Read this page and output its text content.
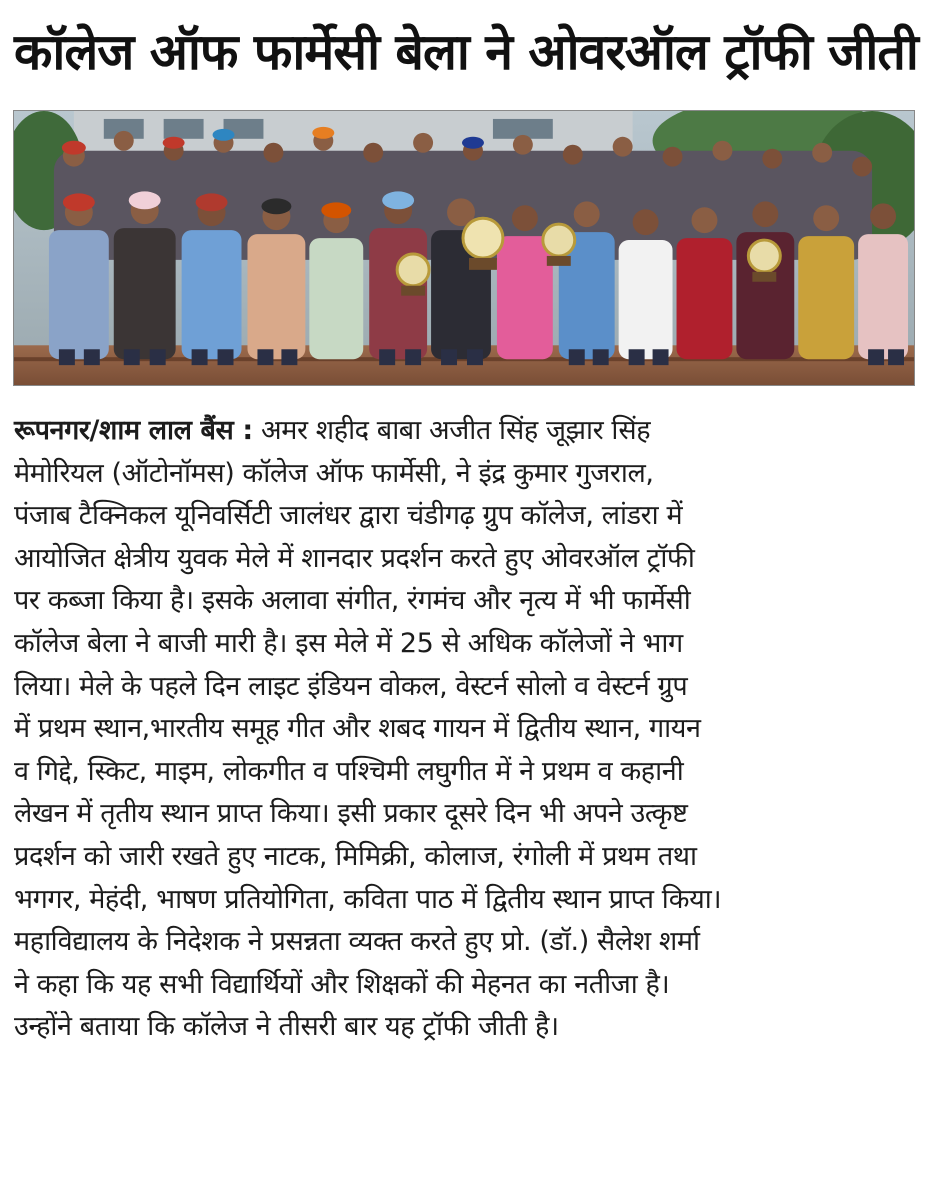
कॉलेज ऑफ फार्मेसी बेला ने ओवरऑल ट्रॉफी जीती
रूपनगर/शाम लाल बैंस : अमर शहीद बाबा अजीत सिंह जूझार सिंह
मेमोरियल (ऑटोनॉमस) कॉलेज ऑफ फार्मेसी, ने इंद्र कुमार गुजराल,
पंजाब टैक्निकल यूनिवर्सिटी जालंधर द्वारा चंडीगढ़ ग्रुप कॉलेज, लांडरा में
आयोजित क्षेत्रीय युवक मेले में शानदार प्रदर्शन करते हुए ओवरऑल ट्रॉफी
पर कब्जा किया है। इसके अलावा संगीत, रंगमंच और नृत्य में भी फार्मेसी
कॉलेज बेला ने बाजी मारी है। इस मेले में 25 से अधिक कॉलेजों ने भाग
लिया। मेले के पहले दिन लाइट इंडियन वोकल, वेस्टर्न सोलो व वेस्टर्न ग्रुप
में प्रथम स्थान,भारतीय समूह गीत और शबद गायन में द्वितीय स्थान, गायन
व गिद्दे, स्किट, माइम, लोकगीत व पश्चिमी लघुगीत में ने प्रथम व कहानी
लेखन में तृतीय स्थान प्राप्त किया। इसी प्रकार दूसरे दिन भी अपने उत्कृष्ट
प्रदर्शन को जारी रखते हुए नाटक, मिमिक्री, कोलाज, रंगोली में प्रथम तथा
भगगर, मेहंदी, भाषण प्रतियोगिता, कविता पाठ में द्वितीय स्थान प्राप्त किया।
महाविद्यालय के निदेशक ने प्रसन्नता व्यक्त करते हुए प्रो. (डॉ.) सैलेश शर्मा
ने कहा कि यह सभी विद्यार्थियों और शिक्षकों की मेहनत का नतीजा है।
उन्होंने बताया कि कॉलेज ने तीसरी बार यह ट्रॉफी जीती है।
